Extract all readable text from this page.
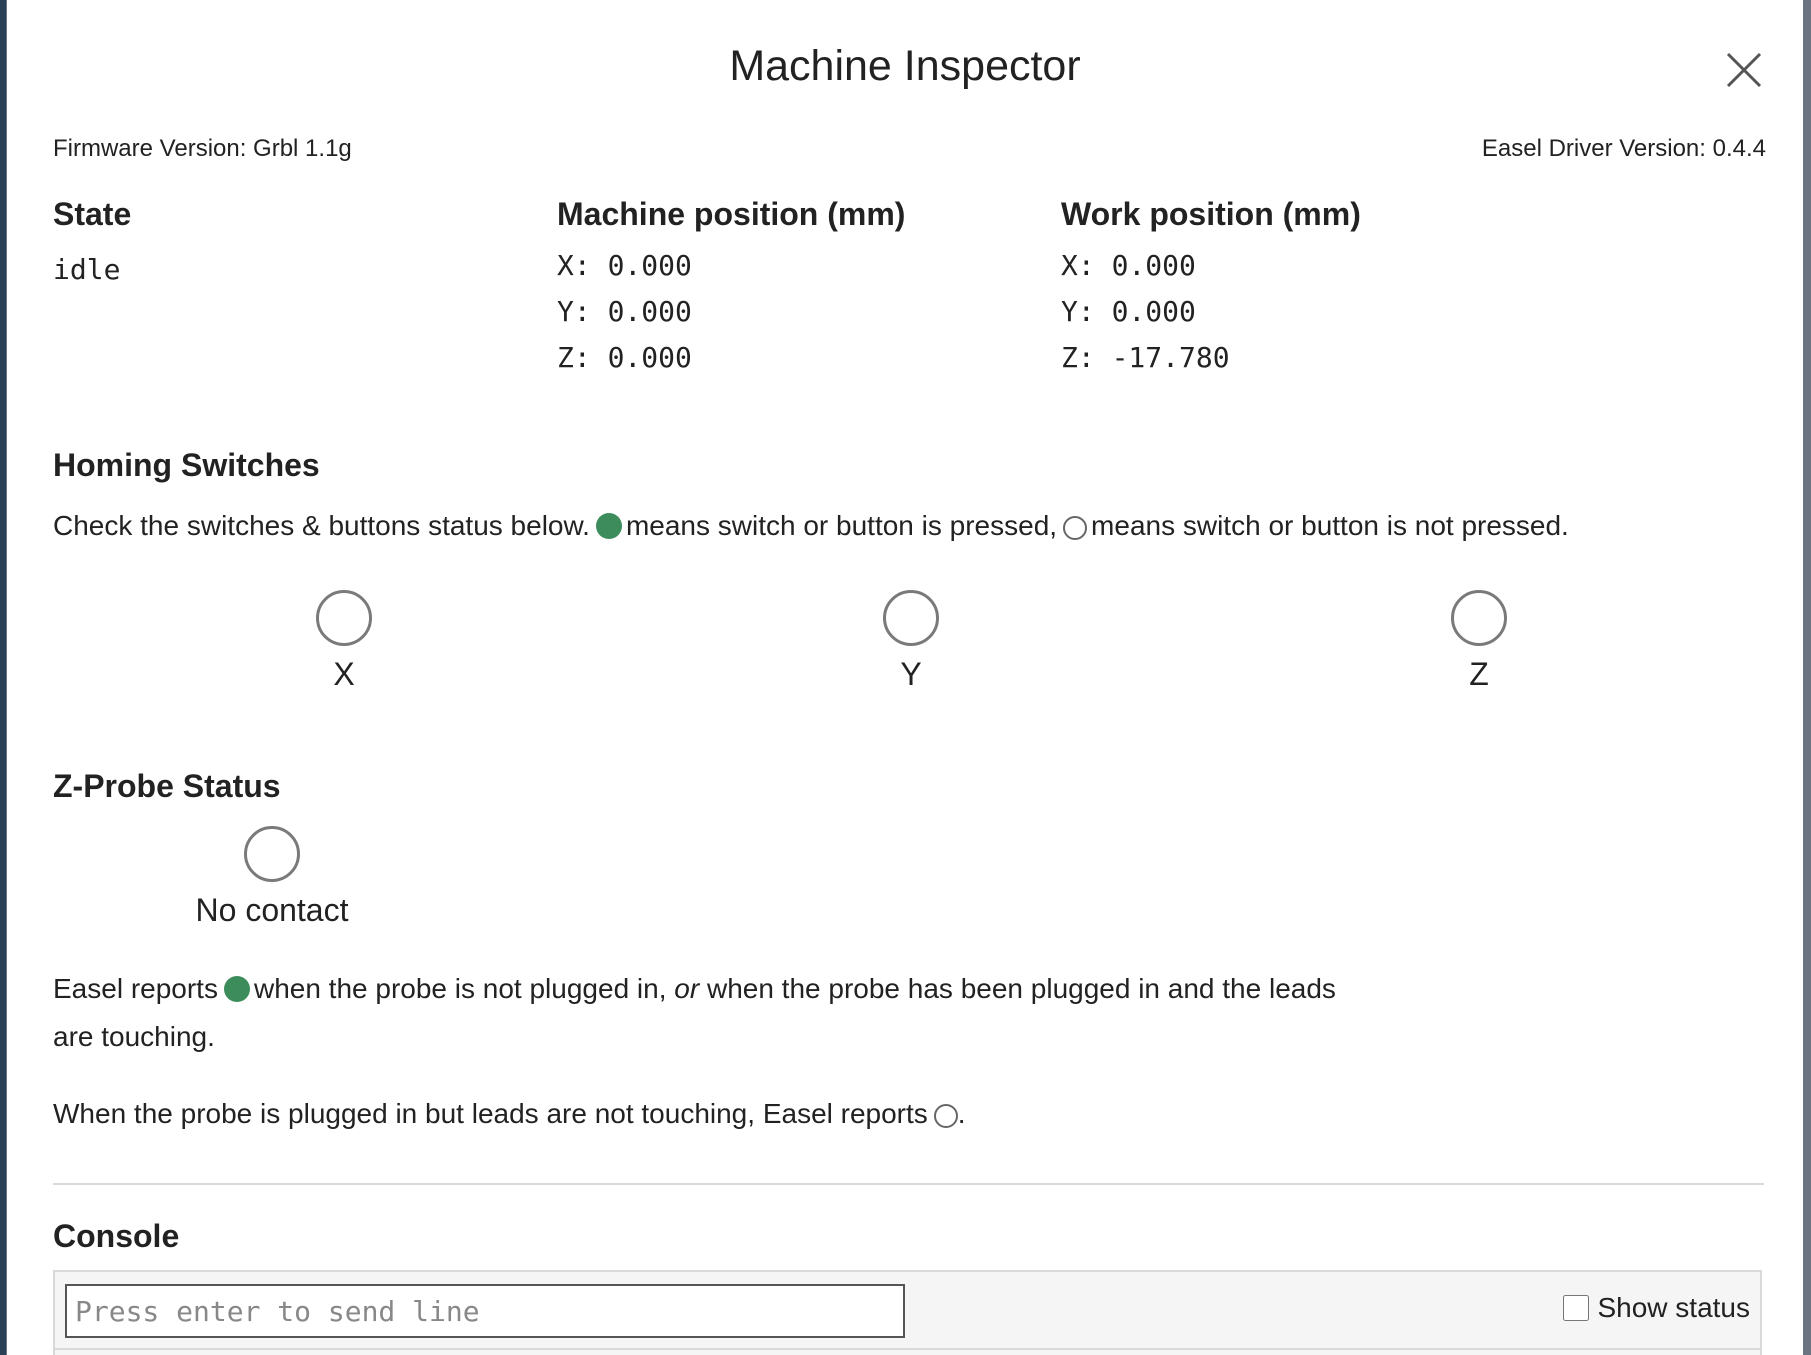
Machine Inspector
Firmware Version: Grbl 1.1g	Easel Driver Version: 0.4.4
State
idle
Machine position (mm)
X: 0.000
Y: 0.000
Z: 0.000
Work position (mm)
X: 0.000
Y: 0.000
Z: -17.780
Homing Switches
Check the switches & buttons status below. means switch or button is pressed, means switch or button is not pressed.
X	Y	Z
Z-Probe Status
No contact
Easel reports when the probe is not plugged in, or when the probe has been plugged in and the leads
are touching.
When the probe is plugged in but leads are not touching, Easel reports .
Console
Press enter to send line
Show status
